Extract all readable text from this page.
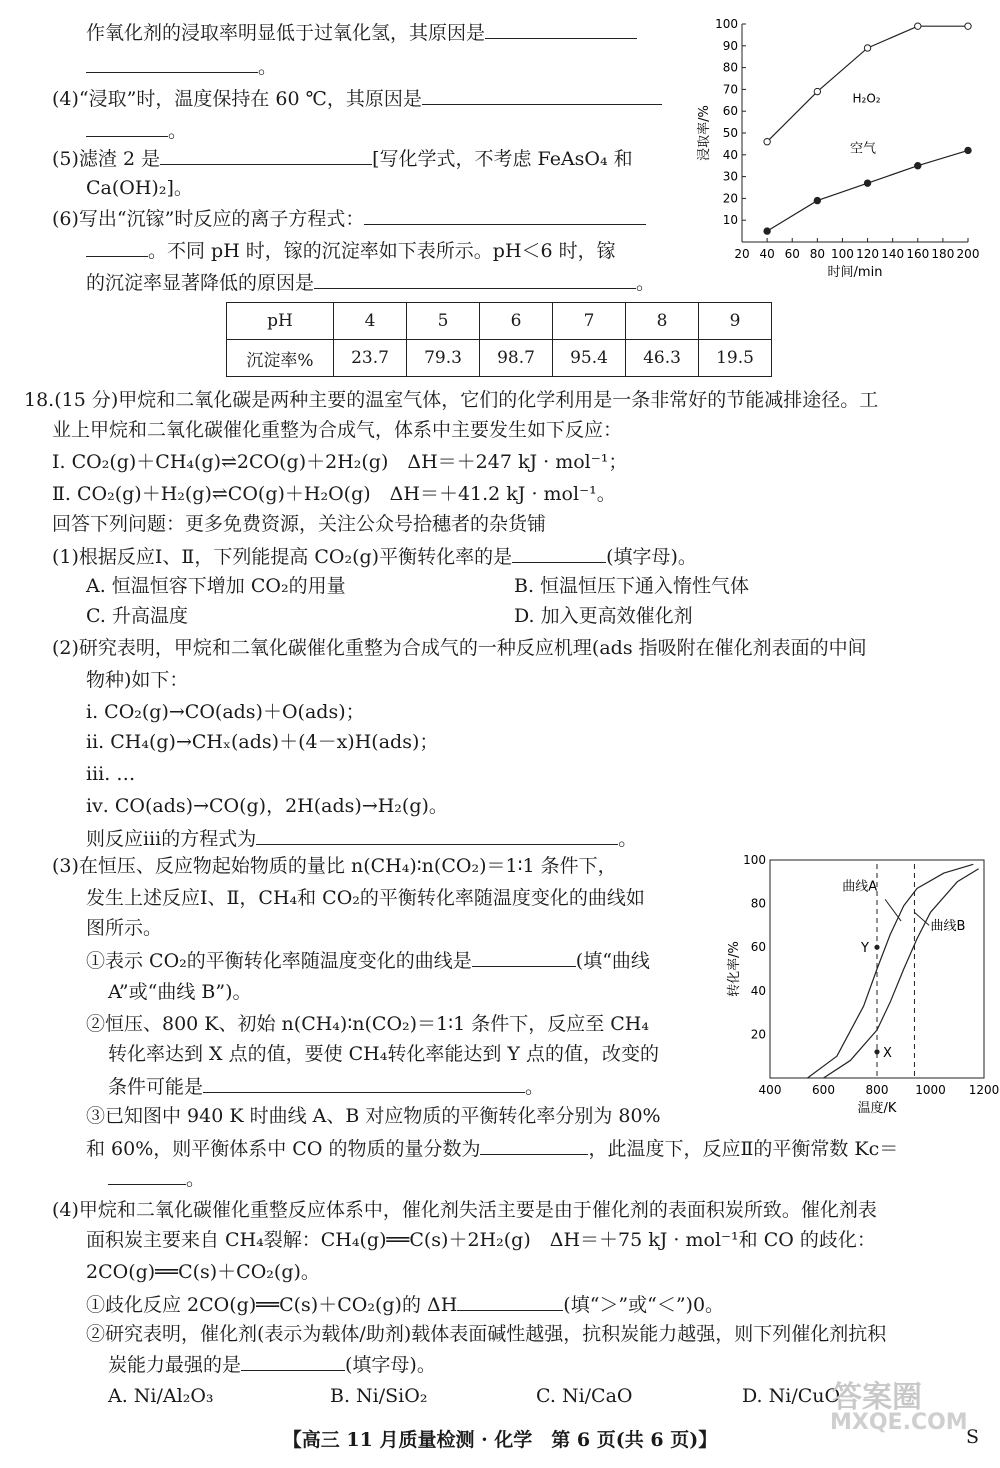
作氧化剂的浸取率明显低于过氧化氢，其原因是
。
(4)“浸取”时，温度保持在 60 ℃，其原因是
。
(5)滤渣 2 是	[写化学式，不考虑 FeAsO₄ 和
Ca(OH)₂]。
(6)写出“沉镓”时反应的离子方程式：
。不同 pH 时，镓的沉淀率如下表所示。pH＜6 时，镓
的沉淀率显著降低的原因是	。
20 40 60 80 100 120 140 160 180 200
10
20
30
40
50
60
70
80
90
100
时间/min
浸取率/%
H₂O₂
空气
pH	4	5	6	7	8	9
沉淀率%	23.7	79.3	98.7	95.4	46.3	19.5
18.(15 分)甲烷和二氧化碳是两种主要的温室气体，它们的化学利用是一条非常好的节能减排途径。工
业上甲烷和二氧化碳催化重整为合成气，体系中主要发生如下反应：
Ⅰ. CO₂(g)＋CH₄(g)⇌2CO(g)＋2H₂(g)　ΔH＝＋247 kJ · mol⁻¹；
Ⅱ. CO₂(g)＋H₂(g)⇌CO(g)＋H₂O(g)　ΔH＝＋41.2 kJ · mol⁻¹。
回答下列问题：更多免费资源，关注公众号拾穗者的杂货铺
(1)根据反应Ⅰ、Ⅱ，下列能提高 CO₂(g)平衡转化率的是	(填字母)。
A. 恒温恒容下增加 CO₂的用量	B. 恒温恒压下通入惰性气体
C. 升高温度	D. 加入更高效催化剂
(2)研究表明，甲烷和二氧化碳催化重整为合成气的一种反应机理(ads 指吸附在催化剂表面的中间
物种)如下：
ⅰ. CO₂(g)→CO(ads)＋O(ads)；
ⅱ. CH₄(g)→CHₓ(ads)＋(4－x)H(ads)；
ⅲ. …
ⅳ. CO(ads)→CO(g)，2H(ads)→H₂(g)。
则反应ⅲ的方程式为	。
(3)在恒压、反应物起始物质的量比 n(CH₄)∶n(CO₂)＝1∶1 条件下，
发生上述反应Ⅰ、Ⅱ，CH₄和 CO₂的平衡转化率随温度变化的曲线如
图所示。
①表示 CO₂的平衡转化率随温度变化的曲线是	(填“曲线
A”或“曲线 B”)。
②恒压、800 K、初始 n(CH₄)∶n(CO₂)＝1∶1 条件下，反应至 CH₄
转化率达到 X 点的值，要使 CH₄转化率能达到 Y 点的值，改变的
条件可能是	。
③已知图中 940 K 时曲线 A、B 对应物质的平衡转化率分别为 80%
和 60%，则平衡体系中 CO 的物质的量分数为	，此温度下，反应Ⅱ的平衡常数 Kc＝
。
400	600	800 1000 1200
20
40
60
80
100
温度/K
转化率/%	Y
X
曲线A
曲线B
(4)甲烷和二氧化碳催化重整反应体系中，催化剂失活主要是由于催化剂的表面积炭所致。催化剂表
面积炭主要来自 CH₄裂解：CH₄(g)══C(s)＋2H₂(g)　ΔH＝＋75 kJ · mol⁻¹和 CO 的歧化：
2CO(g)══C(s)＋CO₂(g)。
①歧化反应 2CO(g)══C(s)＋CO₂(g)的 ΔH	(填“＞”或“＜”)0。
②研究表明，催化剂(表示为载体/助剂)载体表面碱性越强，抗积炭能力越强，则下列催化剂抗积
炭能力最强的是	(填字母)。
A. Ni/Al₂O₃	B. Ni/SiO₂	C. Ni/CaO	D. Ni/CuO
答案圈
MXQE.COM
【高三 11 月质量检测 · 化学　第 6 页(共 6 页)】	S
